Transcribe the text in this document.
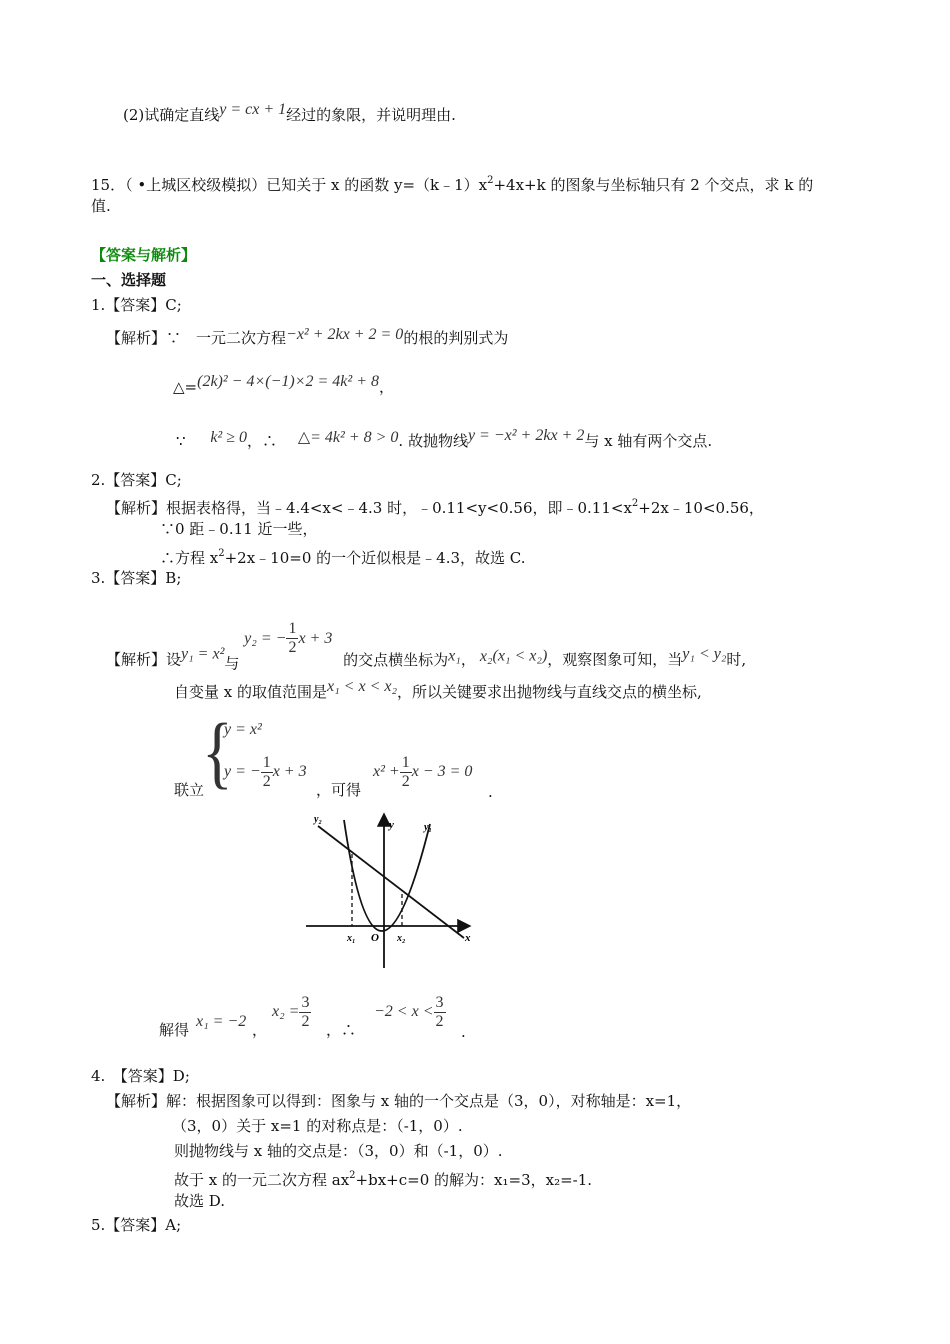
(2)试确定直线y = cx + 1经过的象限，并说明理由.
15．（ •上城区校级模拟）已知关于 x 的函数 $y=(k﹣1)x^2+4x+k$ 的图象与坐标轴只有 2 个交点，求 k 的
值.
【答案与解析】
一、选择题
1.【答案】C;
【解析】∵　一元二次方程−x² + 2kx + 2 = 0的根的判别式为
△=(2k)² − 4×(−1)×2 = 4k² + 8，
∵ k² ≥ 0，∴ △= 4k² + 8 > 0. 故抛物线y = −x² + 2kx + 2与 x 轴有两个交点.
2.【答案】C;
【解析】根据表格得，当﹣4.4<x<﹣4.3 时，﹣0.11<y<0.56，即$﹣0.11<x^2+2x﹣10<0.56$，
∵0 距﹣0.11 近一些，
∴方程 $x^2+2x﹣10=0$ 的一个近似根是﹣4.3，故选 C.
3.【答案】B;
【解析】设y₁ = x²与 y₂ = − $\frac{1}{2}$ x + 3 的交点横坐标为x₁， x₂(x₁ < x₂)，观察图象可知，当y₁ < y₂时,
自变量 x 的取值范围是x₁ < x < x₂，所以关键要求出抛物线与直线交点的横坐标,
{
y = x²
y = − $\frac{1}{2}$ x + 3
联立	，可得
$x^2 + \frac{1}{2}$ x − 3 = 0
.
y₂	y	y₁
x₁ O x₂	x
解得 x₁ = −2 ，
$x_2 = \frac{3}{2}$ ，∴
$-2 < x < \frac{3}{2}$
.
4.　【答案】D;
【解析】解：根据图象可以得到：图象与 x 轴的一个交点是（3，0），对称轴是：x=1，
（3，0）关于 x=1 的对称点是：（-1，0）.
则抛物线与 x 轴的交点是：（3，0）和（-1，0）.
故于 x 的一元二次方程 $ax^2+bx+c=0$ 的解为：x₁=3，x₂=-1.
故选 D.
5.【答案】A;
